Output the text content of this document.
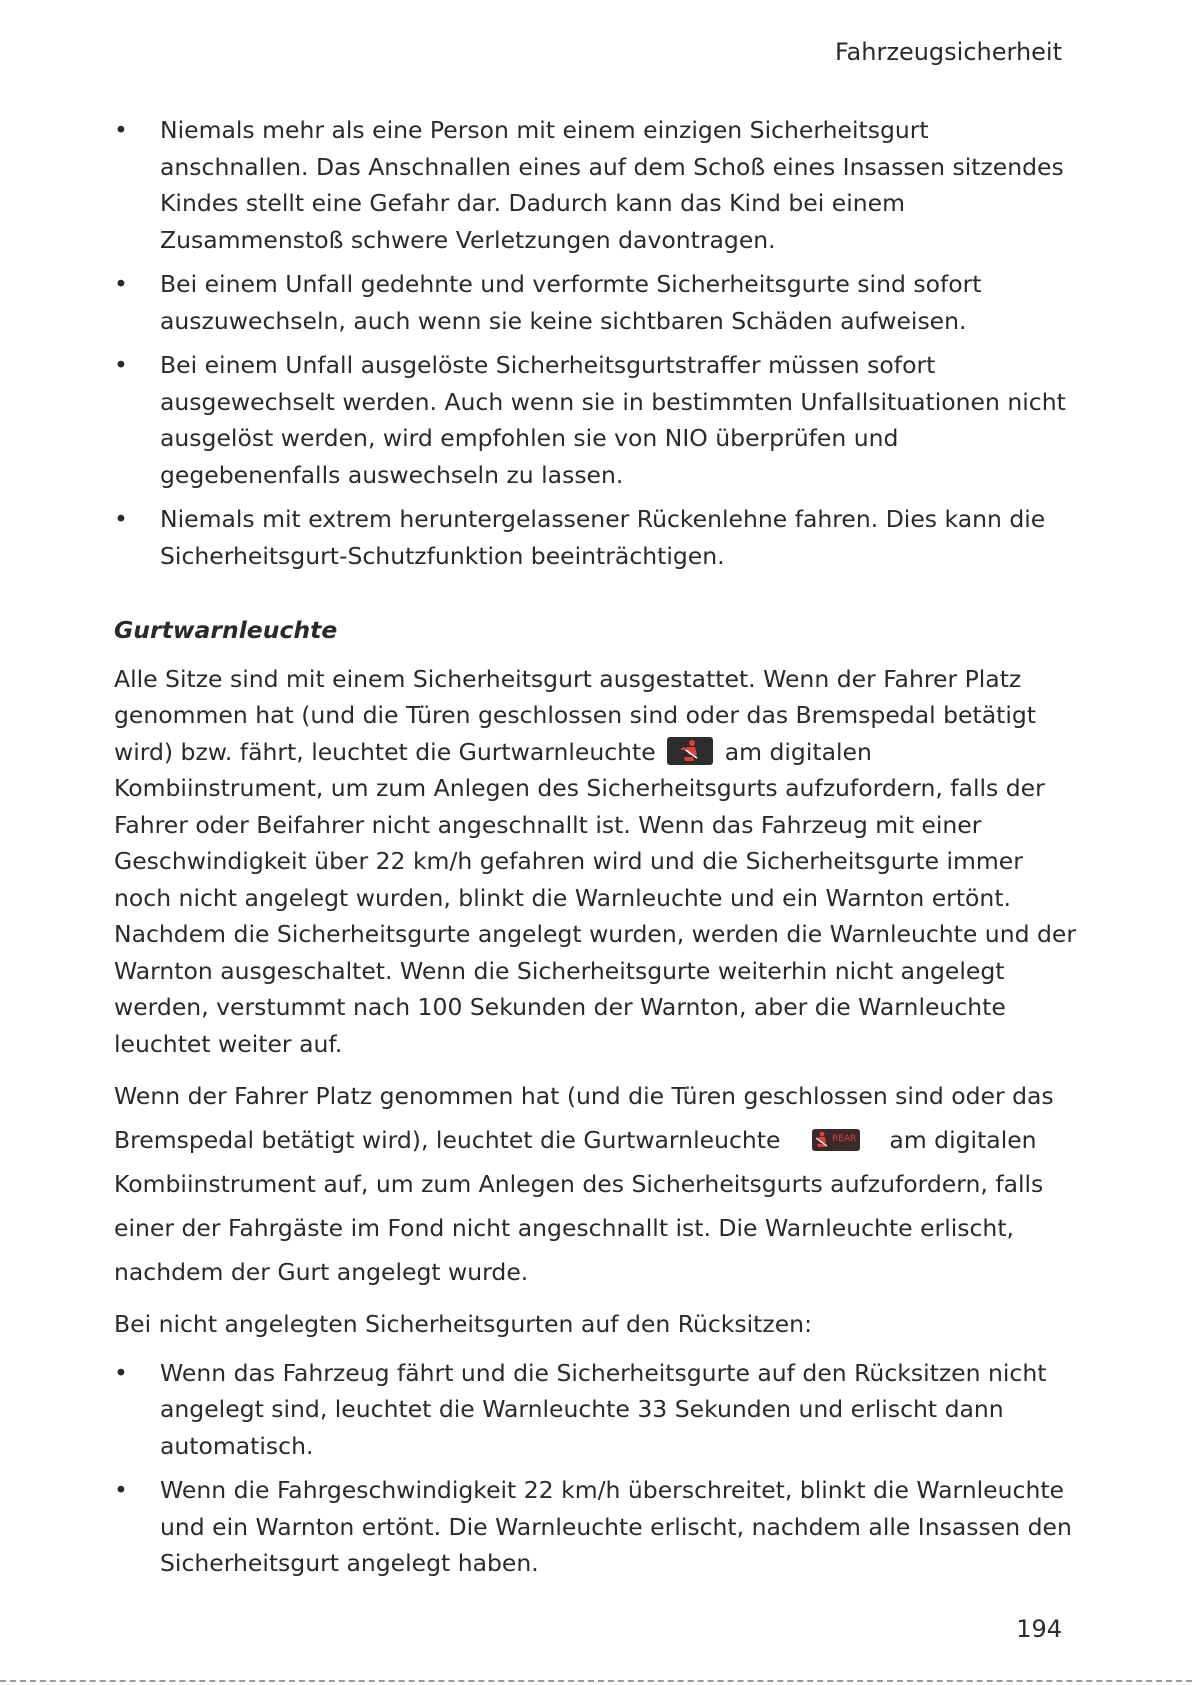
Fahrzeugsicherheit
• Niemals mehr als eine Person mit einem einzigen Sicherheitsgurt anschnallen. Das Anschnallen eines auf dem Schoß eines Insassen sitzendes Kindes stellt eine Gefahr dar. Dadurch kann das Kind bei einem Zusammenstoß schwere Verletzungen davontragen.
• Bei einem Unfall gedehnte und verformte Sicherheitsgurte sind sofort auszuwechseln, auch wenn sie keine sichtbaren Schäden aufweisen.
• Bei einem Unfall ausgelöste Sicherheitsgurtstraffer müssen sofort ausgewechselt werden. Auch wenn sie in bestimmten Unfallsituationen nicht ausgelöst werden, wird empfohlen sie von NIO überprüfen und gegebenenfalls auswechseln zu lassen.
• Niemals mit extrem heruntergelassener Rückenlehne fahren. Dies kann die Sicherheitsgurt-Schutzfunktion beeinträchtigen.
Gurtwarnleuchte

Alle Sitze sind mit einem Sicherheitsgurt ausgestattet. Wenn der Fahrer Platz genommen hat (und die Türen geschlossen sind oder das Bremspedal betätigt wird) bzw. fährt, leuchtet die Gurtwarnleuchte	am digitalen Kombiinstrument, um zum Anlegen des Sicherheitsgurts aufzufordern, falls der Fahrer oder Beifahrer nicht angeschnallt ist. Wenn das Fahrzeug mit einer Geschwindigkeit über 22 km/h gefahren wird und die Sicherheitsgurte immer noch nicht angelegt wurden, blinkt die Warnleuchte und ein Warnton ertönt. Nachdem die Sicherheitsgurte angelegt wurden, werden die Warnleuchte und der Warnton ausgeschaltet. Wenn die Sicherheitsgurte weiterhin nicht angelegt werden, verstummt nach 100 Sekunden der Warnton, aber die Warnleuchte leuchtet weiter auf.

Wenn der Fahrer Platz genommen hat (und die Türen geschlossen sind oder das Bremspedal betätigt wird), leuchtet die Gurtwarnleuchte	REAR am digitalen Kombiinstrument auf, um zum Anlegen des Sicherheitsgurts aufzufordern, falls einer der Fahrgäste im Fond nicht angeschnallt ist. Die Warnleuchte erlischt, nachdem der Gurt angelegt wurde.

Bei nicht angelegten Sicherheitsgurten auf den Rücksitzen:

• Wenn das Fahrzeug fährt und die Sicherheitsgurte auf den Rücksitzen nicht angelegt sind, leuchtet die Warnleuchte 33 Sekunden und erlischt dann automatisch.
• Wenn die Fahrgeschwindigkeit 22 km/h überschreitet, blinkt die Warnleuchte und ein Warnton ertönt. Die Warnleuchte erlischt, nachdem alle Insassen den Sicherheitsgurt angelegt haben.
194
